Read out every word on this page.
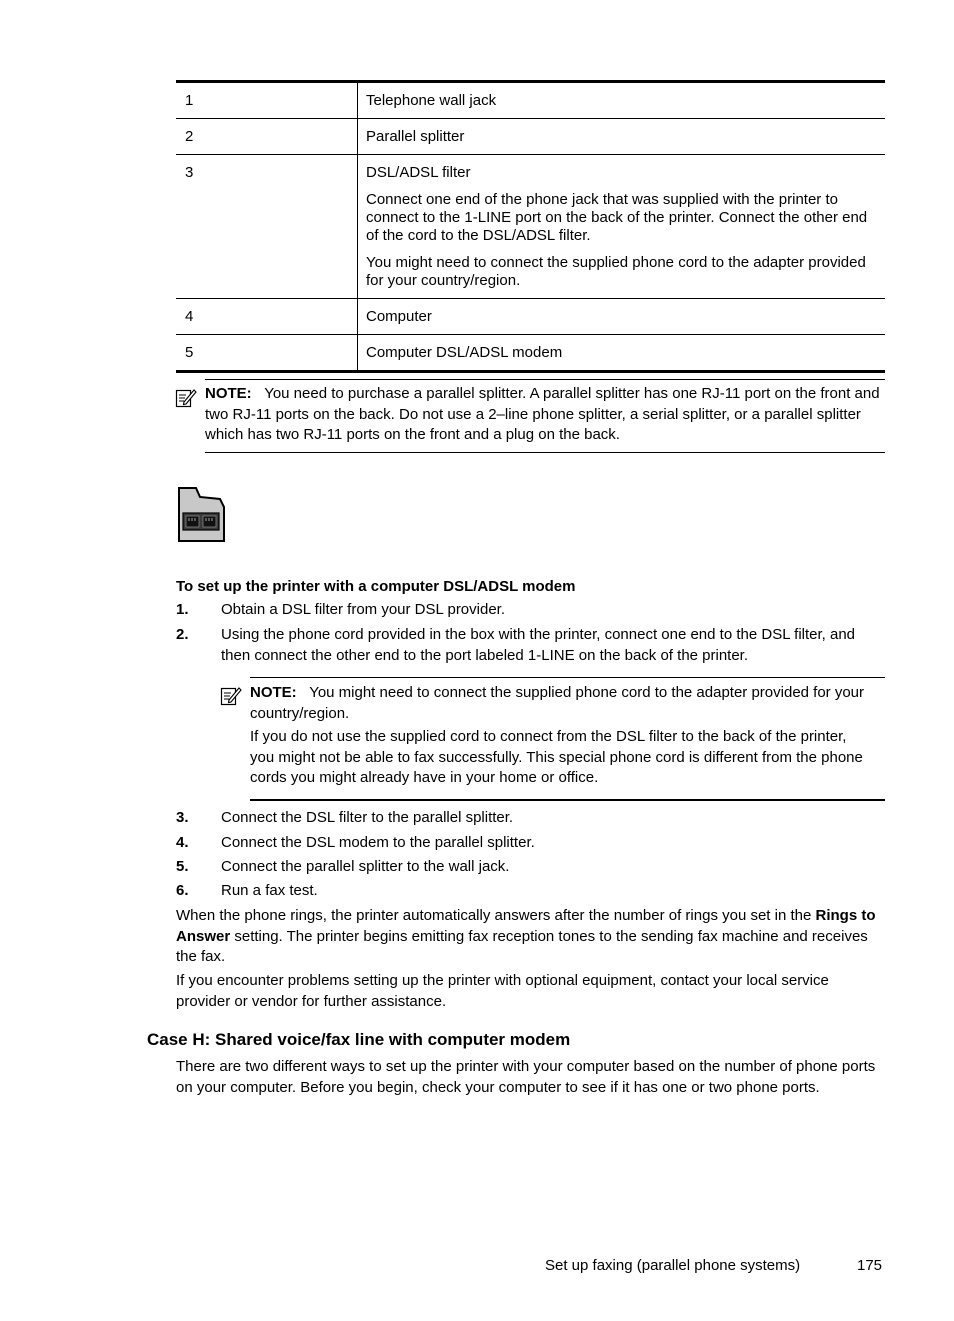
1	Telephone wall jack

2	Parallel splitter

3	DSL/ADSL filter

Connect one end of the phone jack that was supplied with the printer to connect to the 1-LINE port on the back of the printer. Connect the other end of the cord to the DSL/ADSL filter.

You might need to connect the supplied phone cord to the adapter provided for your country/region.

4	Computer

5	Computer DSL/ADSL modem

NOTE: You need to purchase a parallel splitter. A parallel splitter has one RJ-11 port on the front and two RJ-11 ports on the back. Do not use a 2–line phone splitter, a serial splitter, or a parallel splitter which has two RJ-11 ports on the front and a plug on the back.
To set up the printer with a computer DSL/ADSL modem
1. Obtain a DSL filter from your DSL provider.
2. Using the phone cord provided in the box with the printer, connect one end to the DSL filter, and then connect the other end to the port labeled 1-LINE on the back of the printer.
NOTE: You might need to connect the supplied phone cord to the adapter provided for your country/region.
If you do not use the supplied cord to connect from the DSL filter to the back of the printer, you might not be able to fax successfully. This special phone cord is different from the phone cords you might already have in your home or office.
3. Connect the DSL filter to the parallel splitter.
4. Connect the DSL modem to the parallel splitter.
5. Connect the parallel splitter to the wall jack.
6. Run a fax test.
When the phone rings, the printer automatically answers after the number of rings you set in the Rings to Answer setting. The printer begins emitting fax reception tones to the sending fax machine and receives the fax.
If you encounter problems setting up the printer with optional equipment, contact your local service provider or vendor for further assistance.
Case H: Shared voice/fax line with computer modem
There are two different ways to set up the printer with your computer based on the number of phone ports on your computer. Before you begin, check your computer to see if it has one or two phone ports.
Set up faxing (parallel phone systems)	175
